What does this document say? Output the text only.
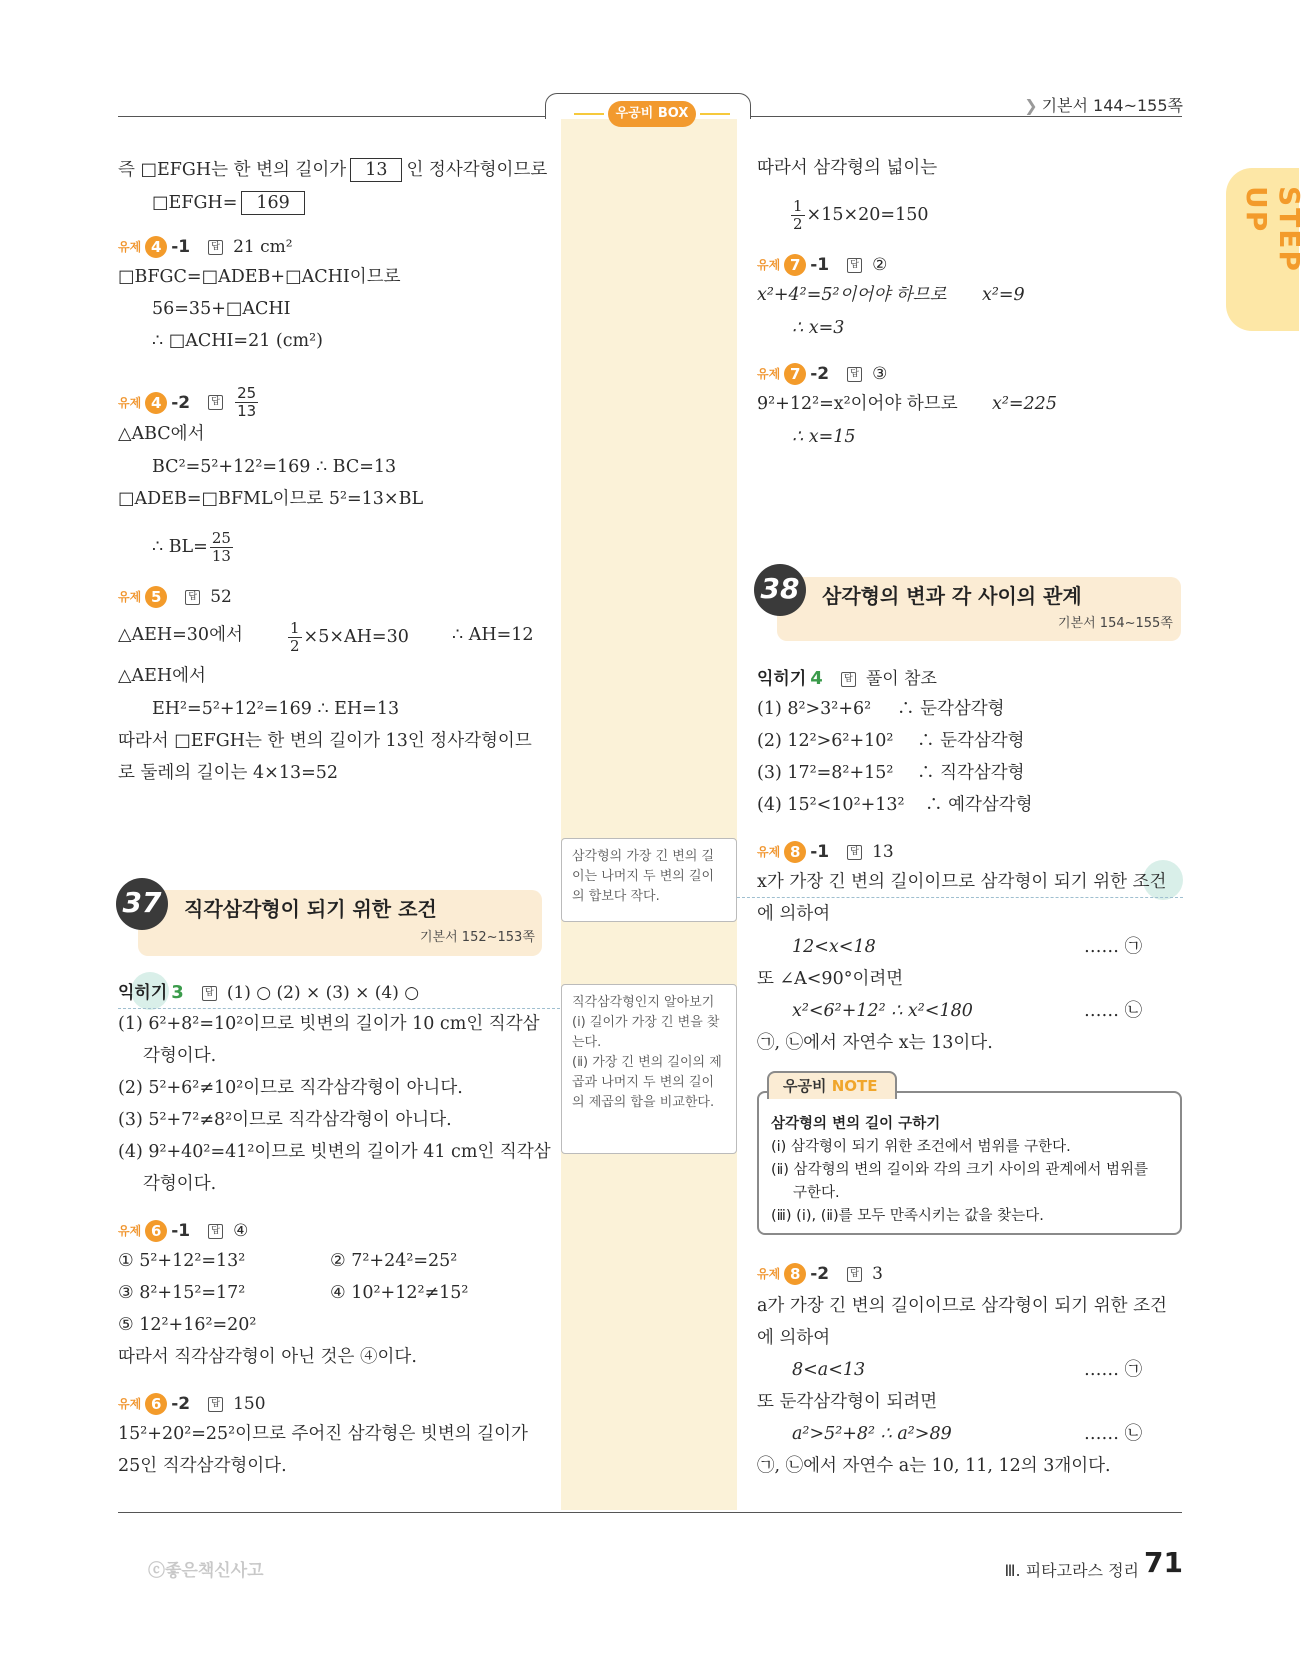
우공비 BOX	❯ 기본서 144~155쪽
STEP UP
즉 □EFGH는 한 변의 길이가 13 인 정사각형이므로
□EFGH= 169
유제 4 -1	답 21 cm²
□BFGC=□ADEB+□ACHI이므로
56=35+□ACHI
∴ □ACHI=21 (cm²)
유제 4 -2	답 $\frac{25}{13}$
△ABC에서
BC²=5²+12²=169 ∴ BC=13
□ADEB=□BFML이므로 5²=13×BL
∴ $BL= \frac{25}{13}$
유제 5	답 52
△AEH=30에서	$\frac{1}{2} \times 5\times AH=30$ ∴ AH=12
△AEH에서
EH²=5²+12²=169 ∴ EH=13
따라서 □EFGH는 한 변의 길이가 13인 정사각형이므
로 둘레의 길이는 4×13=52
37	직각삼각형이 되기 위한 조건
기본서 152~153쪽
익히기 3	답 (1) ○ (2) × (3) × (4) ○
(1) 6²+8²=10²이므로 빗변의 길이가 10 cm인 직각삼
각형이다.
(2) 5²+6²≠10²이므로 직각삼각형이 아니다.
(3) 5²+7²≠8²이므로 직각삼각형이 아니다.
(4) 9²+40²=41²이므로 빗변의 길이가 41 cm인 직각삼
각형이다.
유제 6 -1	답 ④
① 5²+12²=13²	② 7²+24²=25²
③ 8²+15²=17²	④ 10²+12²≠15²
⑤ 12²+16²=20²
따라서 직각삼각형이 아닌 것은 ④이다.
유제 6 -2	답 150
15²+20²=25²이므로 주어진 삼각형은 빗변의 길이가
25인 직각삼각형이다.
삼각형의 가장 긴 변의 길이는 나머지 두 변의 길이의 합보다 작다.
직각삼각형인지 알아보기
(ⅰ) 길이가 가장 긴 변을 찾는다.
(ⅱ) 가장 긴 변의 길이의 제곱과 나머지 두 변의 길이의 제곱의 합을 비교한다.
따라서 삼각형의 넓이는
$\frac{1}{2} \times 15\times 20=150$
유제 7 -1	답 ②
x²+4²=5²이어야 하므로 x²=9
∴ x=3
유제 7 -2	답 ③
9²+12²=x²이어야 하므로 x²=225
∴ x=15
38	삼각형의 변과 각 사이의 관계
기본서 154~155쪽
익히기 4	답 풀이 참조
(1) 8²>3²+6² ∴ 둔각삼각형
(2) 12²>6²+10² ∴ 둔각삼각형
(3) 17²=8²+15² ∴ 직각삼각형
(4) 15²<10²+13² ∴ 예각삼각형
유제 8 -1	답 13
x가 가장 긴 변의 길이이므로 삼각형이 되기 위한 조건
에 의하여
12<x<18	…… ㉠
또 ∠A<90°이려면
x²<6²+12² ∴ x²<180	…… ㉡
㉠, ㉡에서 자연수 x는 13이다.
삼각형의 변의 길이 구하기
(ⅰ) 삼각형이 되기 위한 조건에서 범위를 구한다.
(ⅱ) 삼각형의 변의 길이와 각의 크기 사이의 관계에서 범위를
구한다.
(ⅲ) (ⅰ), (ⅱ)를 모두 만족시키는 값을 찾는다.
우공비 NOTE
유제 8 -2	답 3
a가 가장 긴 변의 길이이므로 삼각형이 되기 위한 조건
에 의하여
8<a<13	…… ㉠
또 둔각삼각형이 되려면
a²>5²+8² ∴ a²>89	…… ㉡
㉠, ㉡에서 자연수 a는 10, 11, 12의 3개이다.
ⓒ좋은책신사고	Ⅲ. 피타고라스 정리 71
